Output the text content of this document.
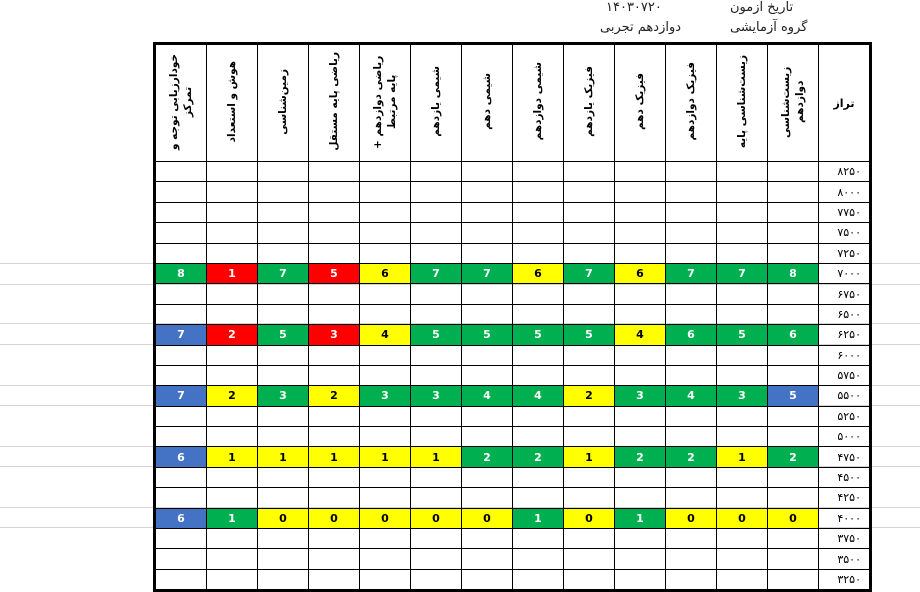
تاریخ آزمون
۱۴۰۳۰۷۲۰
گروه آزمایشی
دوازدهم تجربی
تراز	زیست‌شناسی دوازدهم	زیست‌شناسی پایه	فیزیک دوازدهم	فیزیک دهم	فیزیک یازدهم	شیمی دوازدهم	شیمی دهم	شیمی یازدهم	ریاضی دوازدهم + پایه مرتبط	ریاضی پایه مستقل	زمین‌شناسی	هوش و استعداد	خودارزیابی توجه و تمرکز
۸۲۵۰													
۸۰۰۰													
۷۷۵۰													
۷۵۰۰													
۷۲۵۰													
۷۰۰۰	8	7	7	6	7	6	7	7	6	5	7	1	8
۶۷۵۰													
۶۵۰۰													
۶۲۵۰	6	5	6	4	5	5	5	5	4	3	5	2	7
۶۰۰۰													
۵۷۵۰													
۵۵۰۰	5	3	4	3	2	4	4	3	3	2	3	2	7
۵۲۵۰													
۵۰۰۰													
۴۷۵۰	2	1	2	2	1	2	2	1	1	1	1	1	6
۴۵۰۰													
۴۲۵۰													
۴۰۰۰	0	0	0	1	0	1	0	0	0	0	0	1	6
۳۷۵۰													
۳۵۰۰													
۳۲۵۰													
